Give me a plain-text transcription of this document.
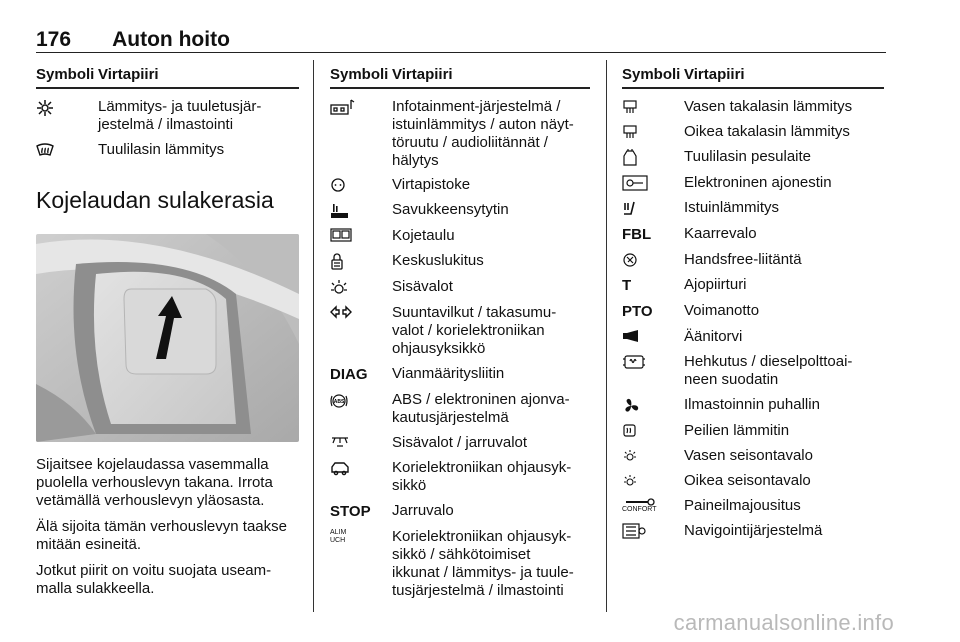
176 Auton hoito
Symboli Virtapiiri
Lämmitys- ja tuuletusjär-
jestelmä / ilmastointi
Tuulilasin lämmitys
Kojelaudan sulakerasia
Sijaitsee kojelaudassa vasemmalla puolella verhouslevyn takana. Irrota vetämällä verhouslevyn yläosasta.
Älä sijoita tämän verhouslevyn taakse mitään esineitä.
Jotkut piirit on voitu suojata useam-
malla sulakkeella.
Symboli Virtapiiri
Infotainment-järjestelmä /
istuinlämmitys / auton näyt-
töruutu / audioliitännät /
hälytys
Virtapistoke
Savukkeensytytin
Kojetaulu
Keskuslukitus
Sisävalot
Suuntavilkut / takasumu-
valot / korielektroniikan
ohjausyksikkö
DIAG	Vianmääritysliitin
ABS	ABS / elektroninen ajonva-
kautusjärjestelmä
Sisävalot / jarruvalot
Korielektroniikan ohjausyk-
sikkö
STOP	Jarruvalo
ALIM UCH	Korielektroniikan ohjausyk-
sikkö / sähkötoimiset
ikkunat / lämmitys- ja tuule-
tusjärjestelmä / ilmastointi
Symboli Virtapiiri
Vasen takalasin lämmitys
Oikea takalasin lämmitys
Tuulilasin pesulaite
Elektroninen ajonestin
Istuinlämmitys
FBL	Kaarrevalo
Handsfree-liitäntä
T	Ajopiirturi
PTO	Voimanotto
Äänitorvi
Hehkutus / dieselpolttoai-
neen suodatin
Ilmastoinnin puhallin
Peilien lämmitin
Vasen seisontavalo
Oikea seisontavalo
CONFORT	Paineilmajousitus
Navigointijärjestelmä
carmanualsonline.info
